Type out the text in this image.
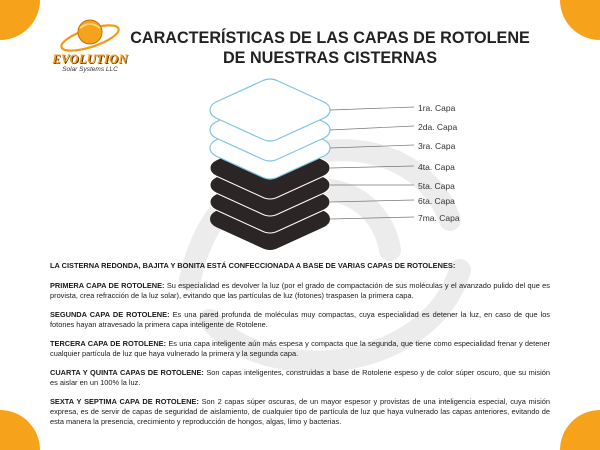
EVOLUTION
Solar Systems LLC
CARACTERÍSTICAS DE LAS CAPAS DE ROTOLENE
DE NUESTRAS CISTERNAS
1ra. Capa
2da. Capa
3ra. Capa
4ta. Capa
5ta. Capa
6ta. Capa
7ma. Capa
LA CISTERNA REDONDA, BAJITA Y BONITA ESTÁ CONFECCIONADA A BASE DE VARIAS CAPAS DE ROTOLENES:

PRIMERA CAPA DE ROTOLENE: Su especialidad es devolver la luz (por el grado de compactación de sus moléculas y el avanzado pulido del que es provista, crea refracción de la luz solar), evitando que las partículas de luz (fotones) traspasen la primera capa.

SEGUNDA CAPA DE ROTOLENE: Es una pared profunda de moléculas muy compactas, cuya especialidad es detener la luz, en caso de que los fotones hayan atravesado la primera capa inteligente de Rotolene.

TERCERA CAPA DE ROTOLENE: Es una capa inteligente aún más espesa y compacta que la segunda, que tiene como especialidad frenar y detener cualquier partícula de luz que haya vulnerado la primera y la segunda capa.

CUARTA Y QUINTA CAPAS DE ROTOLENE: Son capas inteligentes, construidas a base de Rotolene espeso y de color súper oscuro, que su misión es aislar en un 100% la luz.

SEXTA Y SEPTIMA CAPA DE ROTOLENE: Son 2 capas súper oscuras, de un mayor espesor y provistas de una inteligencia especial, cuya misión expresa, es de servir de capas de seguridad de aislamiento, de cualquier tipo de partícula de luz que haya vulnerado las capas anteriores, evitando de esta manera la presencia, crecimiento y reproducción de hongos, algas, limo y bacterias.
